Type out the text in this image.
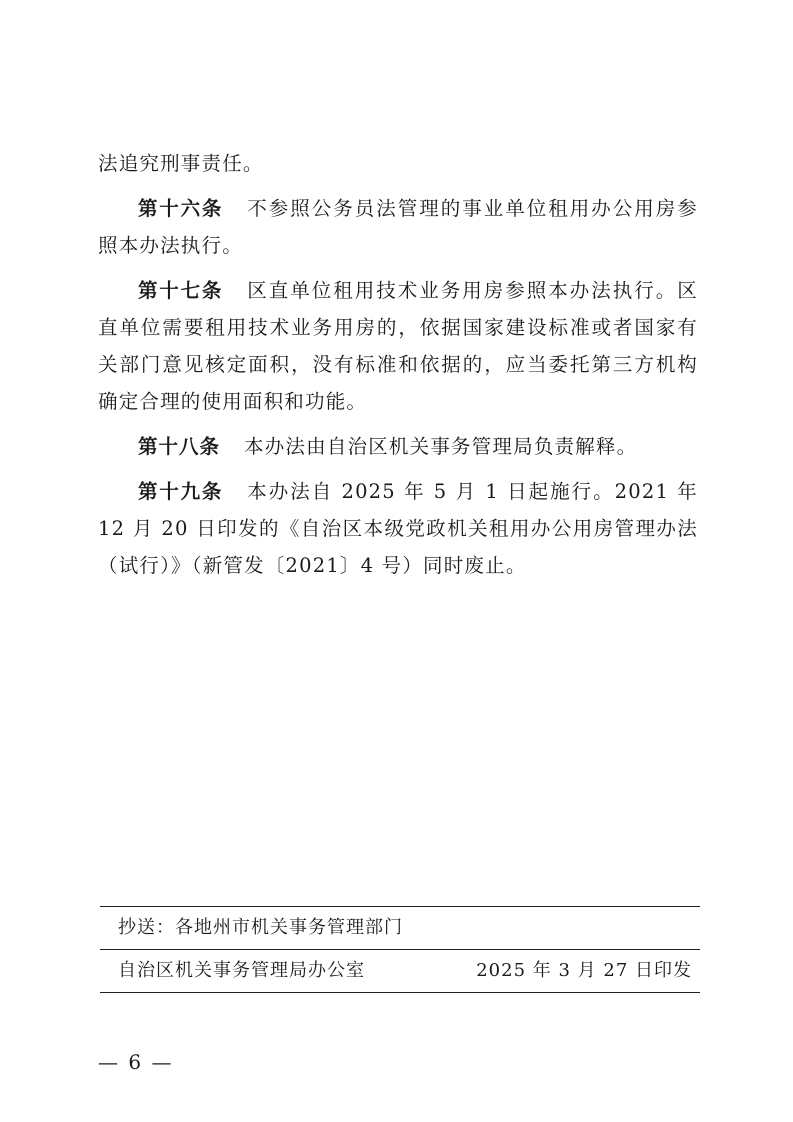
法追究刑事责任。

第十六条 不参照公务员法管理的事业单位租用办公用房参照本办法执行。

第十七条 区直单位租用技术业务用房参照本办法执行。区直单位需要租用技术业务用房的，依据国家建设标准或者国家有关部门意见核定面积，没有标准和依据的，应当委托第三方机构确定合理的使用面积和功能。

第十八条 本办法由自治区机关事务管理局负责解释。

第十九条 本办法自 2025 年 5 月 1 日起施行。2021 年 12 月 20 日印发的《自治区本级党政机关租用办公用房管理办法（试行）》（新管发〔2021〕4 号）同时废止。

抄送：各地州市机关事务管理部门
自治区机关事务管理局办公室	2025 年 3 月 27 日印发
— 6 —
